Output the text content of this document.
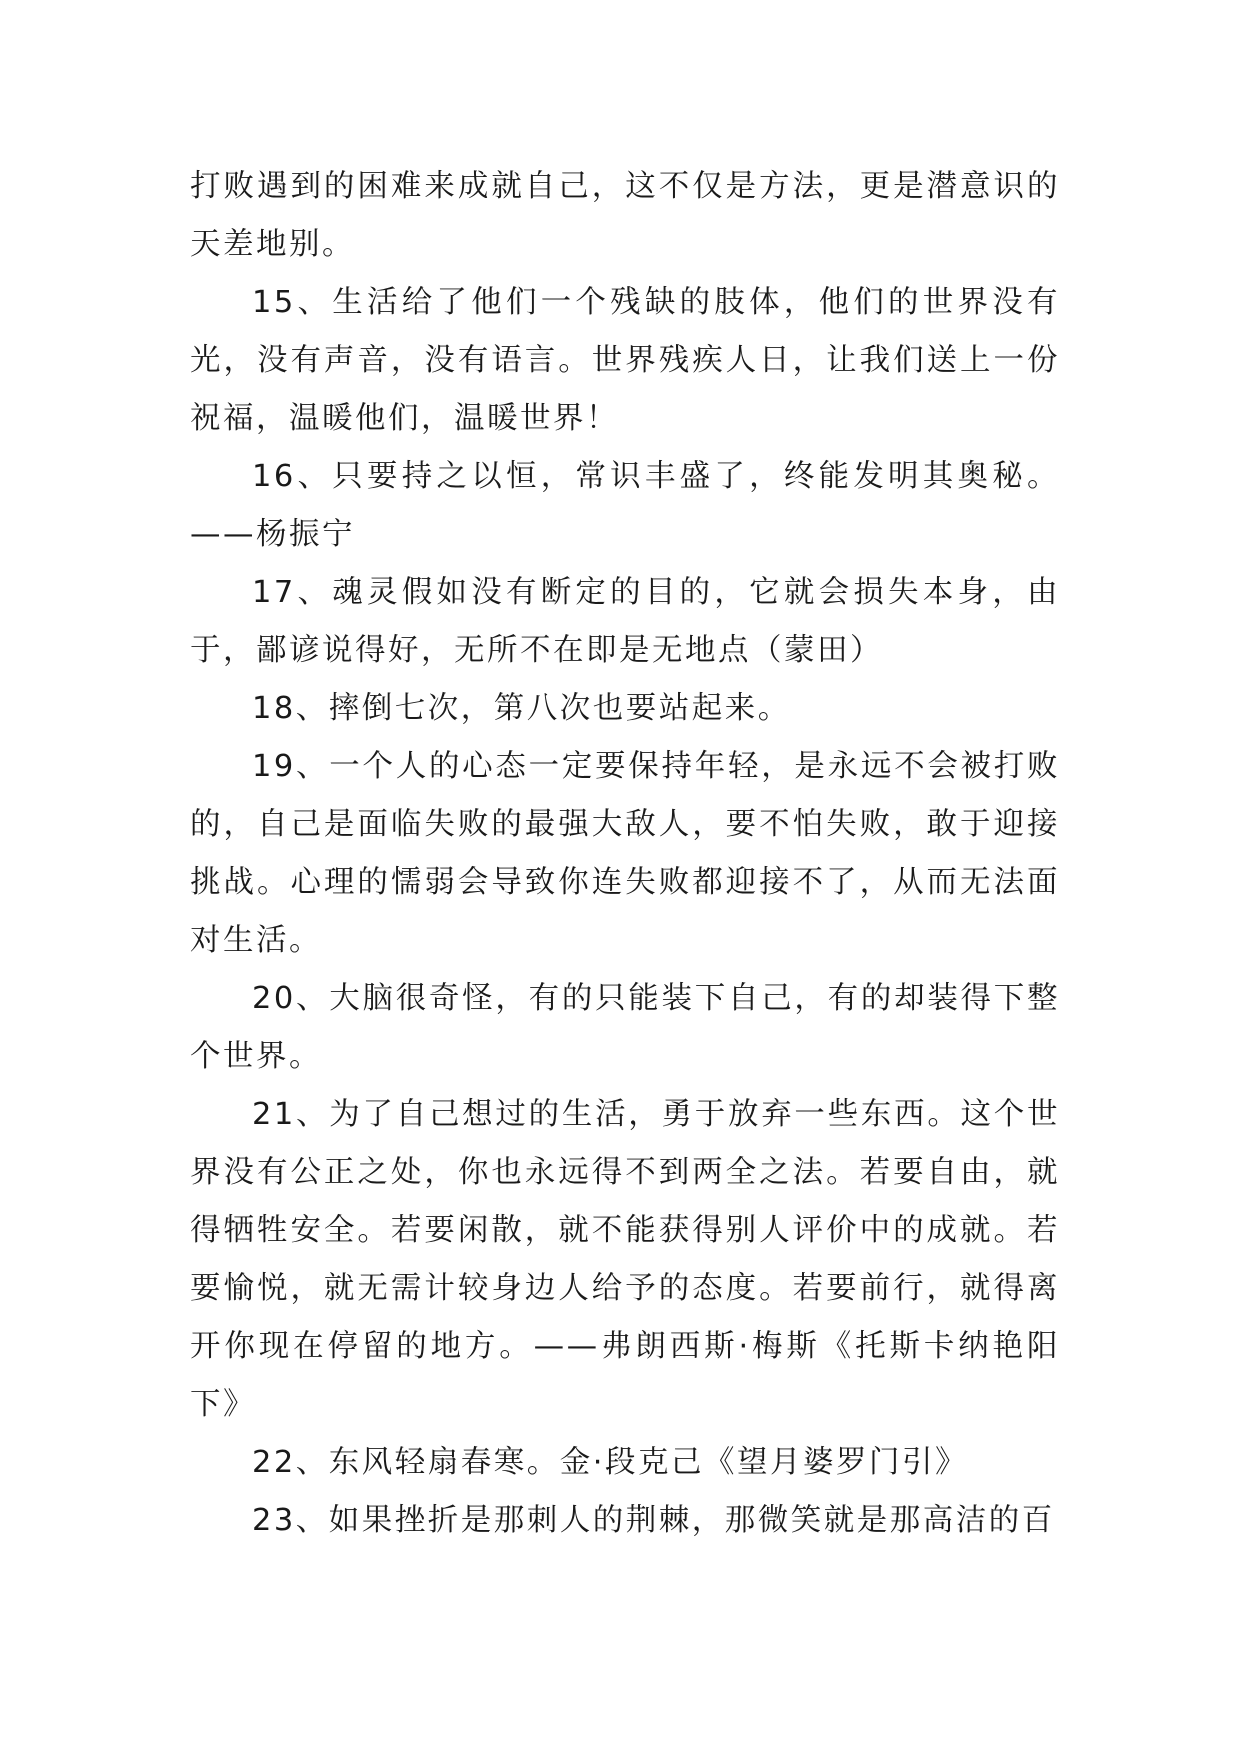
打败遇到的困难来成就自己，这不仅是方法，更是潜意识的天差地别。

15、生活给了他们一个残缺的肢体，他们的世界没有光，没有声音，没有语言。世界残疾人日，让我们送上一份祝福，温暖他们，温暖世界！

16、只要持之以恒，常识丰盛了，终能发明其奥秘。——杨振宁

17、魂灵假如没有断定的目的，它就会损失本身，由于，鄙谚说得好，无所不在即是无地点（蒙田）

18、摔倒七次，第八次也要站起来。

19、一个人的心态一定要保持年轻，是永远不会被打败的，自己是面临失败的最强大敌人，要不怕失败，敢于迎接挑战。心理的懦弱会导致你连失败都迎接不了，从而无法面对生活。

20、大脑很奇怪，有的只能装下自己，有的却装得下整个世界。

21、为了自己想过的生活，勇于放弃一些东西。这个世界没有公正之处，你也永远得不到两全之法。若要自由，就得牺牲安全。若要闲散，就不能获得别人评价中的成就。若要愉悦，就无需计较身边人给予的态度。若要前行，就得离开你现在停留的地方。——弗朗西斯·梅斯《托斯卡纳艳阳下》

22、东风轻扇春寒。金·段克己《望月婆罗门引》

23、如果挫折是那刺人的荆棘，那微笑就是那高洁的百
